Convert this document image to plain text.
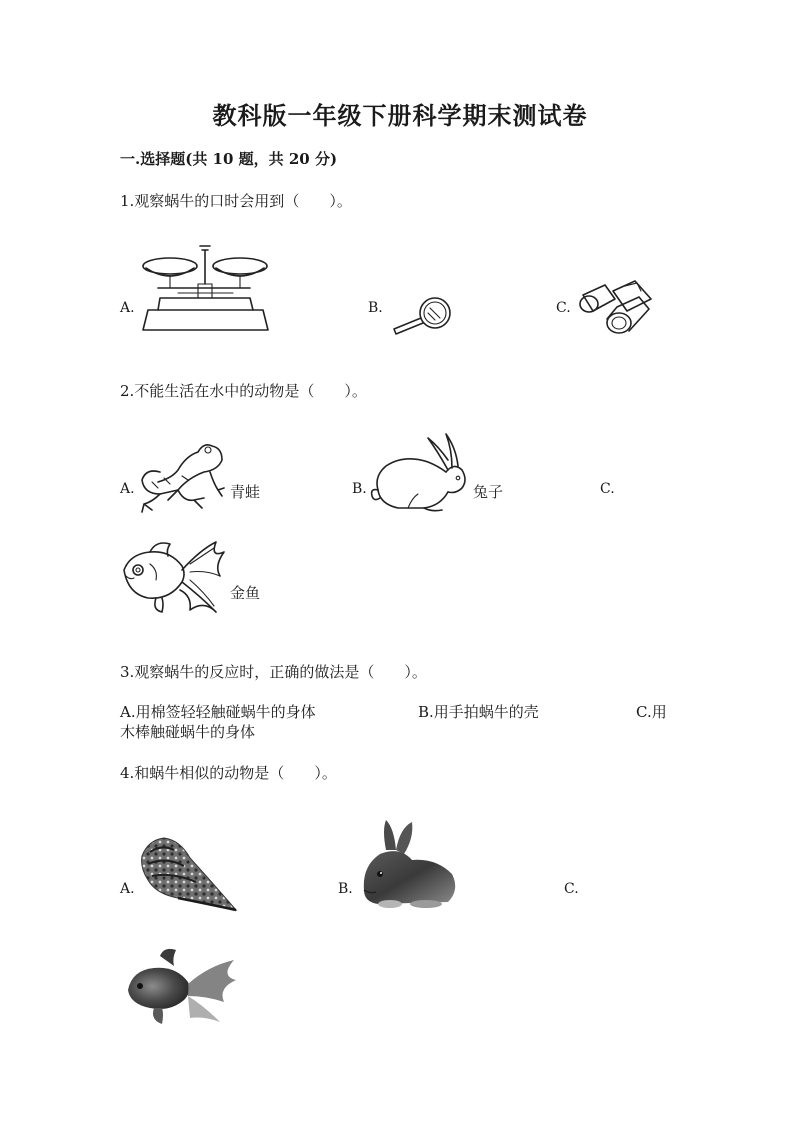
教科版一年级下册科学期末测试卷
一.选择题(共 10 题，共 20 分)
1.观察蜗牛的口时会用到（　　）。
A.	B.	C.
2.不能生活在水中的动物是（　　）。
A.	青蛙	B.	兔子	C.
金鱼
3.观察蜗牛的反应时，正确的做法是（　　）。
A.用棉签轻轻触碰蜗牛的身体	B.用手拍蜗牛的壳	C.用
木棒触碰蜗牛的身体
4.和蜗牛相似的动物是（　　）。
A.	B.	C.
